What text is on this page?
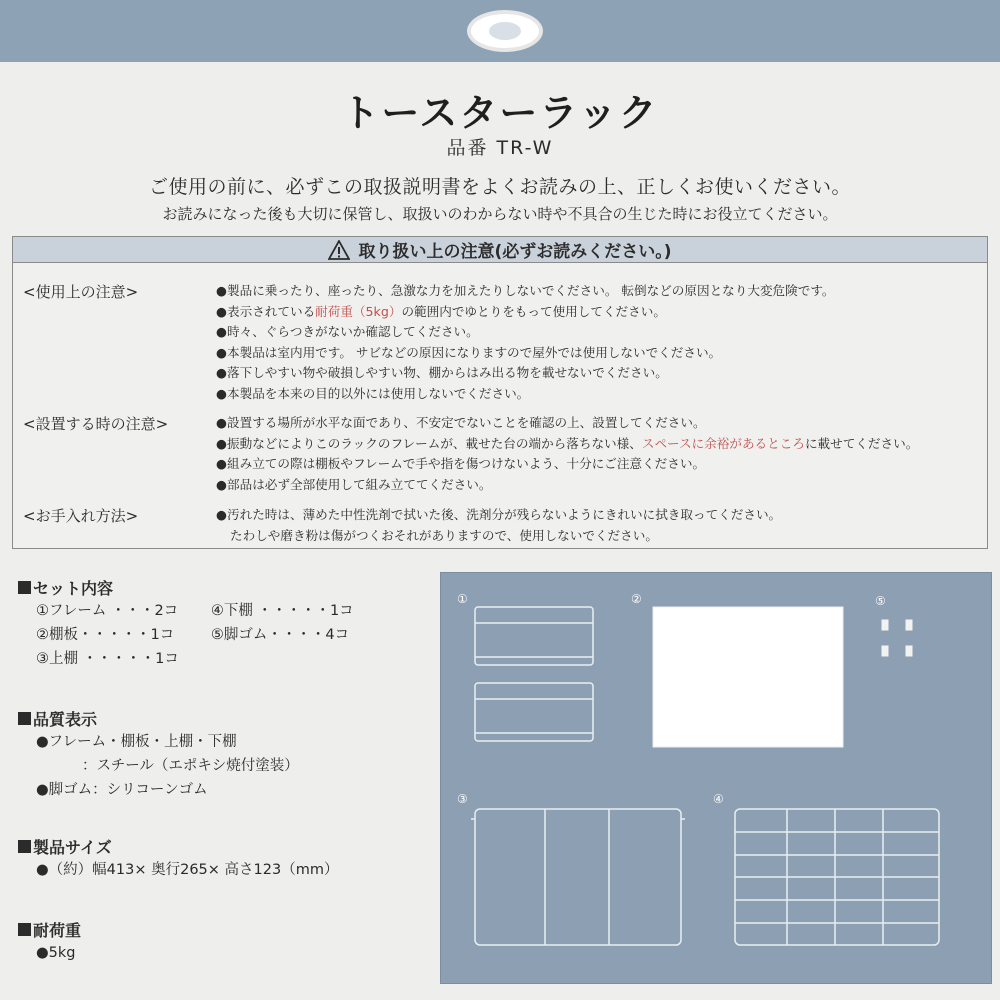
トースターラック
品番 TR-W
ご使用の前に、必ずこの取扱説明書をよくお読みの上、正しくお使いください。
お読みになった後も大切に保管し、取扱いのわからない時や不具合の生じた時にお役立てください。
取り扱い上の注意(必ずお読みください。)
<使用上の注意>	●製品に乗ったり、座ったり、急激な力を加えたりしないでください。 転倒などの原因となり大変危険です。
●表示されている耐荷重（5kg）の範囲内でゆとりをもって使用してください。
●時々、ぐらつきがないか確認してください。
●本製品は室内用です。 サビなどの原因になりますので屋外では使用しないでください。
●落下しやすい物や破損しやすい物、棚からはみ出る物を載せないでください。
●本製品を本来の目的以外には使用しないでください。
<設置する時の注意>	●設置する場所が水平な面であり、不安定でないことを確認の上、設置してください。
●振動などによりこのラックのフレームが、載せた台の端から落ちない様、スペースに余裕があるところに載せてください。
●組み立ての際は棚板やフレームで手や指を傷つけないよう、十分にご注意ください。
●部品は必ず全部使用して組み立ててください。
<お手入れ方法>	●汚れた時は、薄めた中性洗剤で拭いた後、洗剤分が残らないようにきれいに拭き取ってください。
たわしや磨き粉は傷がつくおそれがありますので、使用しないでください。
セット内容
①フレーム ・・・2コ
②棚板・・・・・1コ
③上棚 ・・・・・1コ
④下棚 ・・・・・1コ
⑤脚ゴム・・・・4コ
品質表示
●フレーム・棚板・上棚・下棚
：スチール（エポキシ焼付塗装）
●脚ゴム：シリコーンゴム
製品サイズ
●（約）幅413× 奥行265× 高さ123（mm）
耐荷重
●5kg
①	②
③	④
⑤
